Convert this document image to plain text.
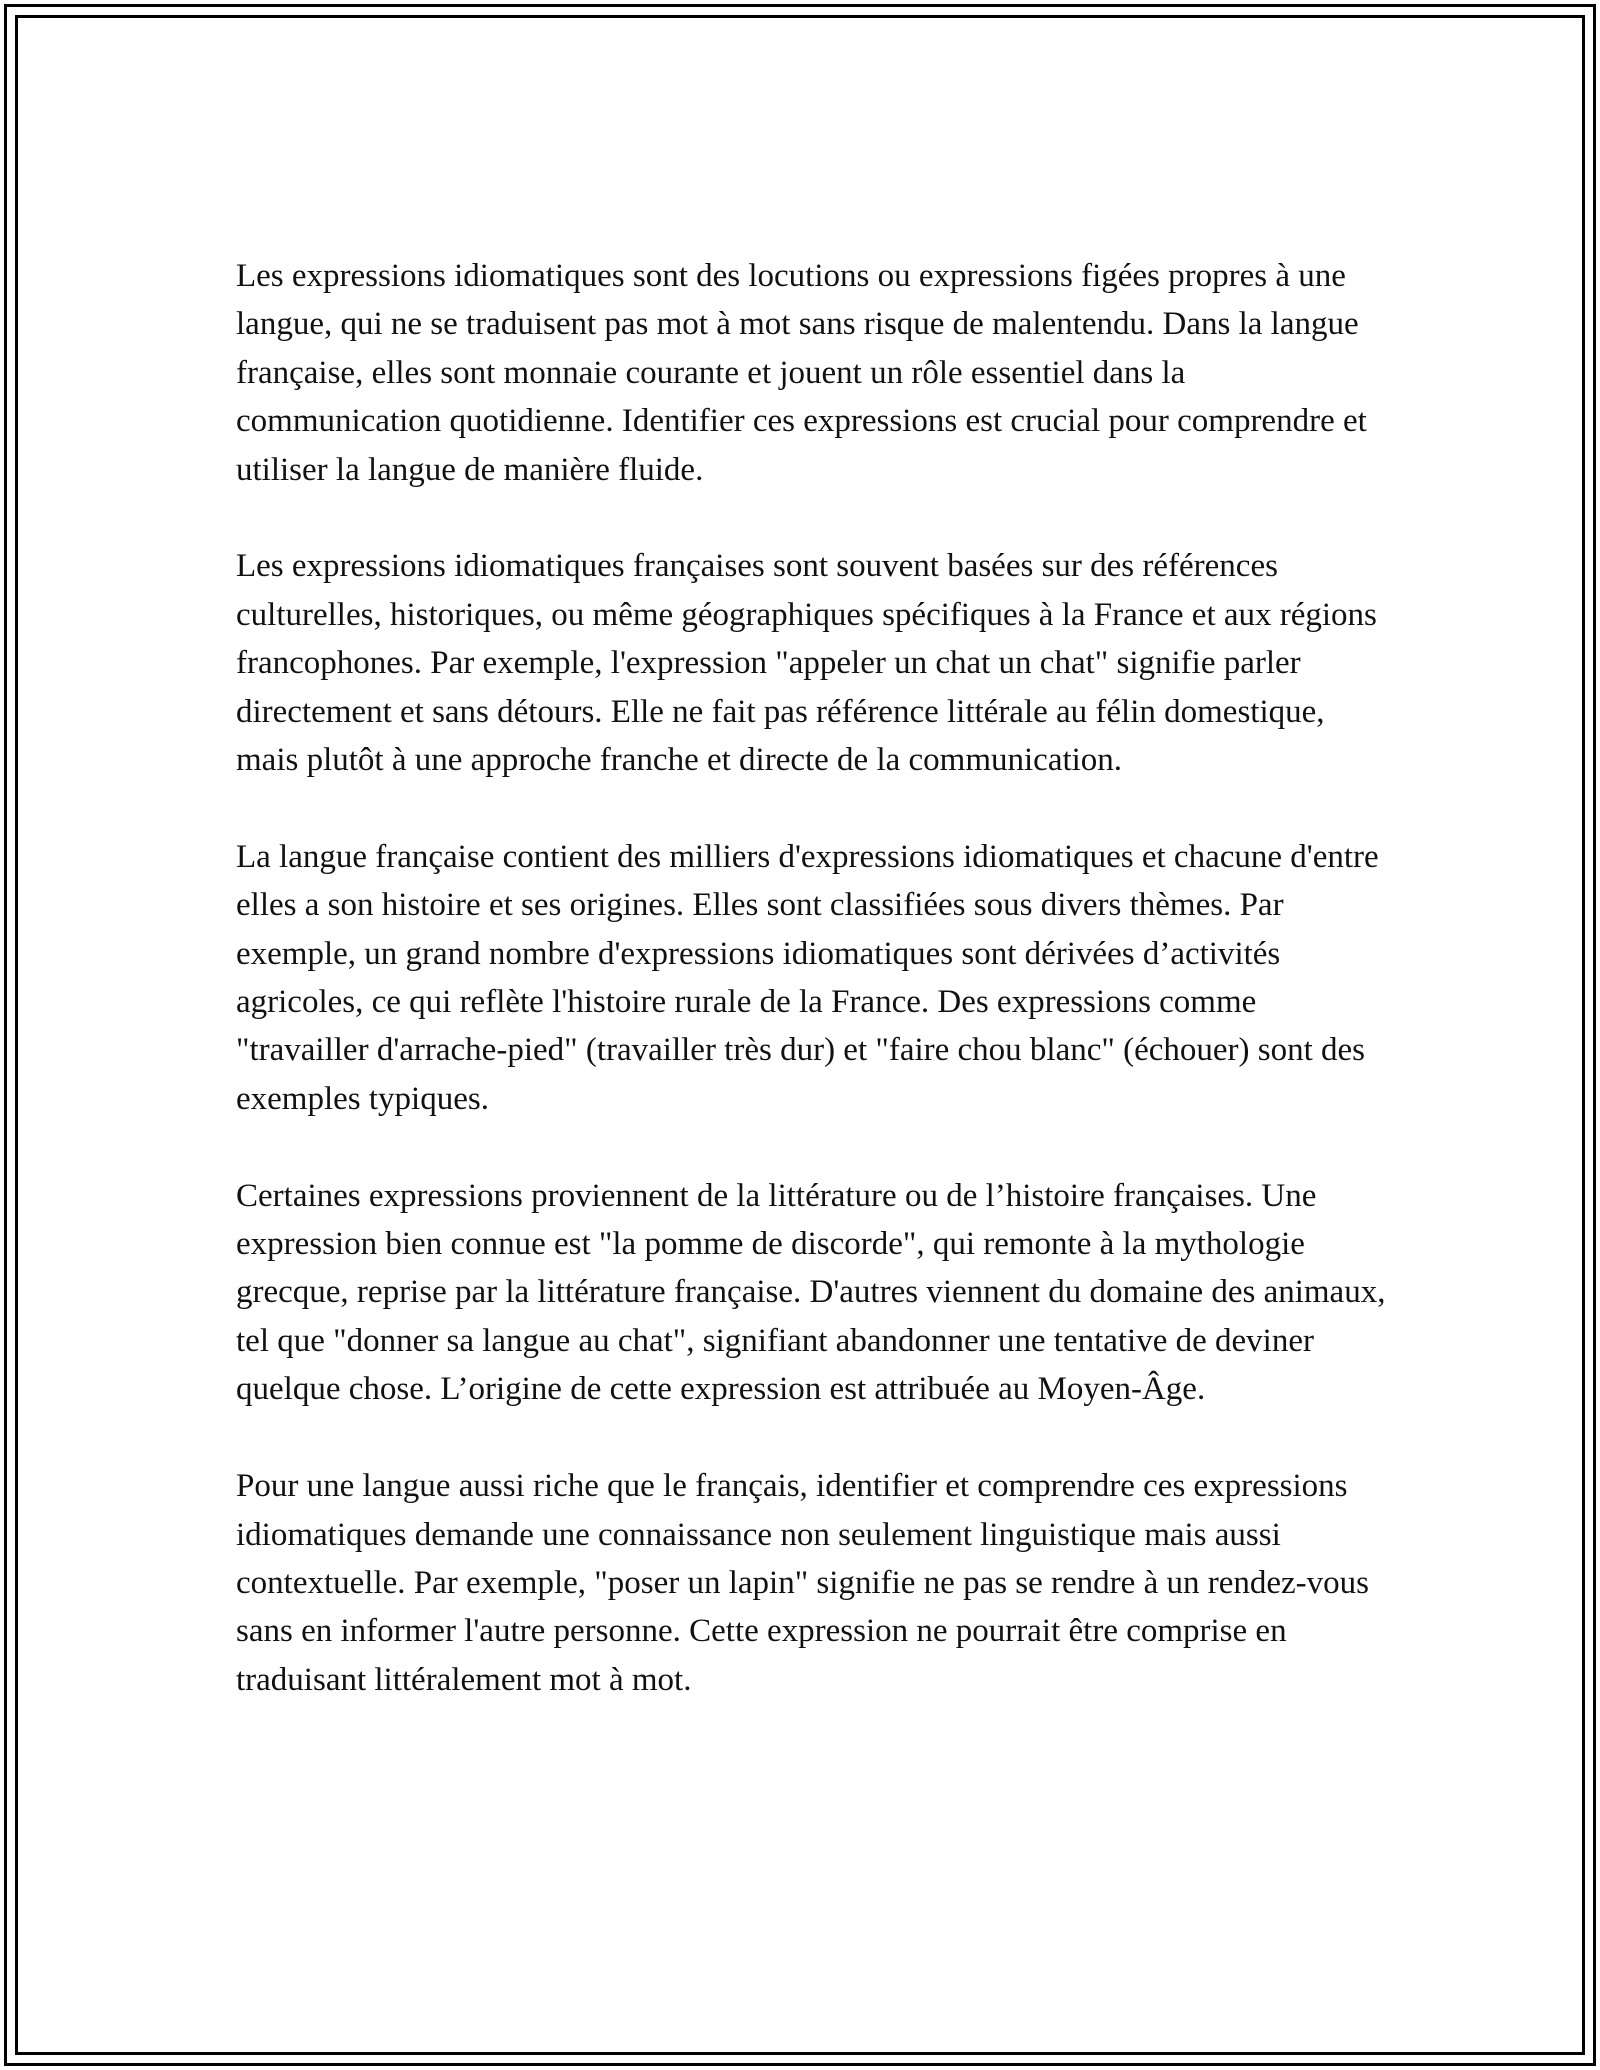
Les expressions idiomatiques sont des locutions ou expressions figées propres à une langue, qui ne se traduisent pas mot à mot sans risque de malentendu. Dans la langue française, elles sont monnaie courante et jouent un rôle essentiel dans la communication quotidienne. Identifier ces expressions est crucial pour comprendre et utiliser la langue de manière fluide.

Les expressions idiomatiques françaises sont souvent basées sur des références culturelles, historiques, ou même géographiques spécifiques à la France et aux régions francophones. Par exemple, l'expression "appeler un chat un chat" signifie parler directement et sans détours. Elle ne fait pas référence littérale au félin domestique, mais plutôt à une approche franche et directe de la communication.

La langue française contient des milliers d'expressions idiomatiques et chacune d'entre elles a son histoire et ses origines. Elles sont classifiées sous divers thèmes. Par exemple, un grand nombre d'expressions idiomatiques sont dérivées d’activités agricoles, ce qui reflète l'histoire rurale de la France. Des expressions comme "travailler d'arrache-pied" (travailler très dur) et "faire chou blanc" (échouer) sont des exemples typiques.

Certaines expressions proviennent de la littérature ou de l’histoire françaises. Une expression bien connue est "la pomme de discorde", qui remonte à la mythologie grecque, reprise par la littérature française. D'autres viennent du domaine des animaux, tel que "donner sa langue au chat", signifiant abandonner une tentative de deviner quelque chose. L’origine de cette expression est attribuée au Moyen-Âge.

Pour une langue aussi riche que le français, identifier et comprendre ces expressions idiomatiques demande une connaissance non seulement linguistique mais aussi contextuelle. Par exemple, "poser un lapin" signifie ne pas se rendre à un rendez-vous sans en informer l'autre personne. Cette expression ne pourrait être comprise en traduisant littéralement mot à mot.
